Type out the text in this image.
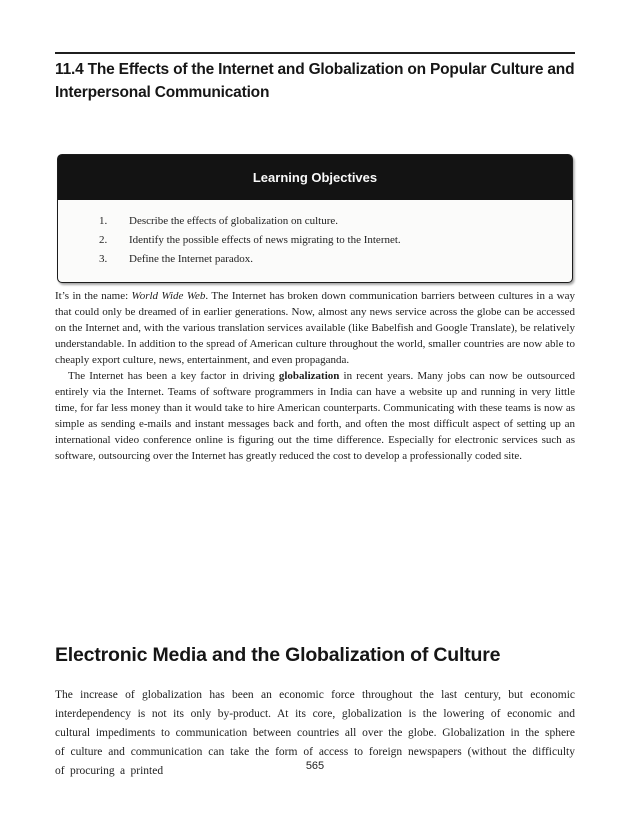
11.4 The Effects of the Internet and Globalization on Popular Culture and Interpersonal Communication
Learning Objectives
1.	Describe the effects of globalization on culture.
2.	Identify the possible effects of news migrating to the Internet.
3.	Define the Internet paradox.

It’s in the name: World Wide Web. The Internet has broken down communication barriers between cultures in a way that could only be dreamed of in earlier generations. Now, almost any news service across the globe can be accessed on the Internet and, with the various translation services available (like Babelfish and Google Translate), be relatively understandable. In addition to the spread of American culture throughout the world, smaller countries are now able to cheaply export culture, news, entertainment, and even propaganda.

The Internet has been a key factor in driving globalization in recent years. Many jobs can now be outsourced entirely via the Internet. Teams of software programmers in India can have a website up and running in very little time, for far less money than it would take to hire American counterparts. Communicating with these teams is now as simple as sending e-mails and instant messages back and forth, and often the most difficult aspect of setting up an international video conference online is figuring out the time difference. Especially for electronic services such as software, outsourcing over the Internet has greatly reduced the cost to develop a professionally coded site.

Electronic Media and the Globalization of Culture

The increase of globalization has been an economic force throughout the last century, but economic interdependency is not its only by-product. At its core, globalization is the lowering of economic and cultural impediments to communication between countries all over the globe. Globalization in the sphere of culture and communication can take the form of access to foreign newspapers (without the difficulty of procuring a printed	565
